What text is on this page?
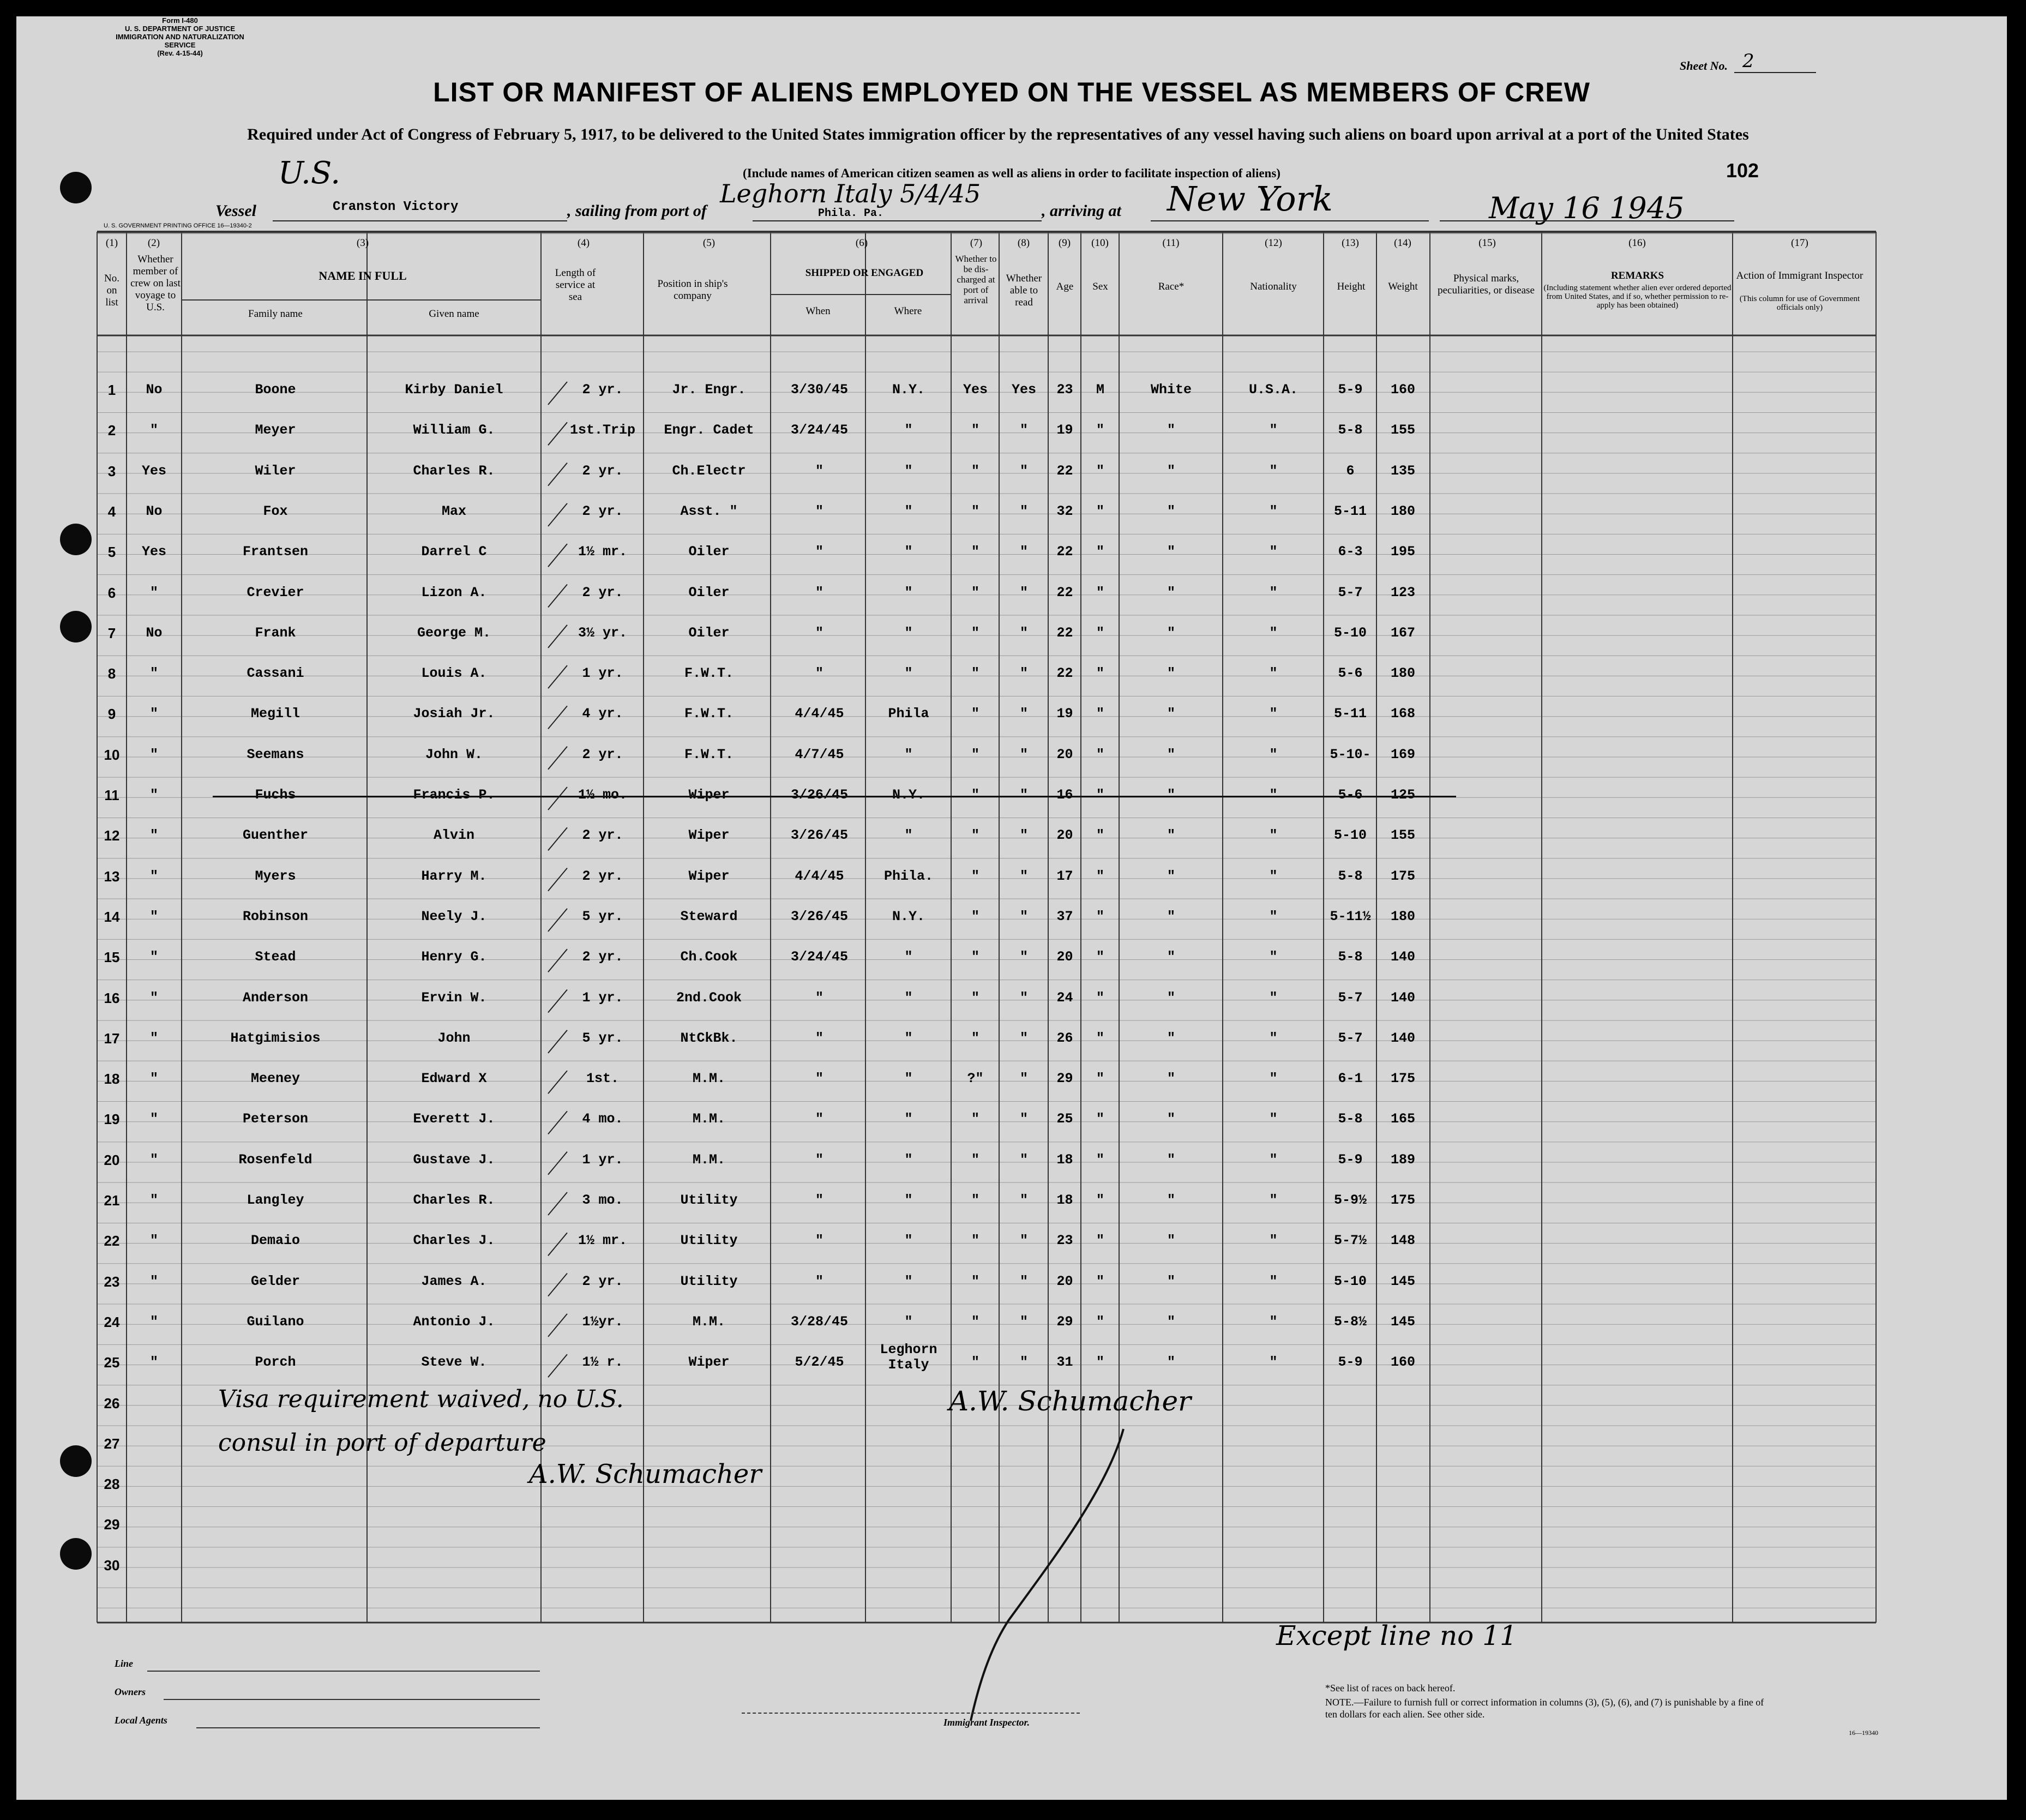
Form I-480
U. S. DEPARTMENT OF JUSTICE
IMMIGRATION AND NATURALIZATION SERVICE
(Rev. 4-15-44)
Sheet No. 2
LIST OR MANIFEST OF ALIENS EMPLOYED ON THE VESSEL AS MEMBERS OF CREW
Required under Act of Congress of February 5, 1917, to be delivered to the United States immigration officer by the representatives of any vessel having such aliens on board upon arrival at a port of the United States
(Include names of American citizen seamen as well as aliens in order to facilitate inspection of aliens)
U.S.	102
Vessel	Cranston Victory	, sailing from port of	Phila. Pa.
Leghorn Italy 5/4/45
, arriving at New York	May 16 1945
U. S. GOVERNMENT PRINTING OFFICE 16—19340-2
(1)	(2)	(3)	(4)	(5)	(6)	(7)	(8)	(9)	(10)	(11)	(12)	(13)	(14)	(15)	(16)	(17)
No. on list
Whether member of crew on last voyage to U.S.
NAME IN FULL
Family name	Given name
Length of service at sea
Position in ship's company
SHIPPED OR ENGAGED
When	Where
Whether to be dis-charged at port of arrival
Whether able to read
Age	Sex	Race*	Nationality	Height	Weight
Physical marks, peculiarities, or disease
REMARKS
(Including statement whether alien ever ordered deported from United States, and if so, whether permission to re-apply has been obtained)
Action of Immigrant Inspector
(This column for use of Government officials only)
1	No	Boone	Kirby Daniel	2 yr.	Jr. Engr.	3/30/45	N.Y.	Yes	Yes	23	M	White	U.S.A.	5-9	160
2	"	Meyer	William G.	1st.Trip	Engr. Cadet	3/24/45	"	"	"	19	"	"	"	5-8	155
3	Yes	Wiler	Charles R.	2 yr.	Ch.Electr	"	"	"	"	22	"	"	"	6	135
4	No	Fox	Max	2 yr.	Asst. "	"	"	"	"	32	"	"	"	5-11	180
5	Yes	Frantsen	Darrel C	1½ mr.	Oiler	"	"	"	"	22	"	"	"	6-3	195
6	"	Crevier	Lizon A.	2 yr.	Oiler	"	"	"	"	22	"	"	"	5-7	123
7	No	Frank	George M.	3½ yr.	Oiler	"	"	"	"	22	"	"	"	5-10	167
8	"	Cassani	Louis A.	1 yr.	F.W.T.	"	"	"	"	22	"	"	"	5-6	180
9	"	Megill	Josiah Jr.	4 yr.	F.W.T.	4/4/45	Phila	"	"	19	"	"	"	5-11	168
10	"	Seemans	John W.	2 yr.	F.W.T.	4/7/45	"	"	"	20	"	"	"	5-10-	169
11	"	Fuchs	Francis P.	1½ mo.	Wiper	3/26/45	N.Y.	"	"	16	"	"	"	5-6	125
12	"	Guenther	Alvin	2 yr.	Wiper	3/26/45	"	"	"	20	"	"	"	5-10	155
13	"	Myers	Harry M.	2 yr.	Wiper	4/4/45	Phila.	"	"	17	"	"	"	5-8	175
14	"	Robinson	Neely J.	5 yr.	Steward	3/26/45	N.Y.	"	"	37	"	"	"	5-11½	180
15	"	Stead	Henry G.	2 yr.	Ch.Cook	3/24/45	"	"	"	20	"	"	"	5-8	140
16	"	Anderson	Ervin W.	1 yr.	2nd.Cook	"	"	"	"	24	"	"	"	5-7	140
17	"	Hatgimisios	John	5 yr.	NtCkBk.	"	"	"	"	26	"	"	"	5-7	140
18	"	Meeney	Edward X	1st.	M.M.	"	"	?"	"	29	"	"	"	6-1	175
19	"	Peterson	Everett J.	4 mo.	M.M.	"	"	"	"	25	"	"	"	5-8	165
20	"	Rosenfeld	Gustave J.	1 yr.	M.M.	"	"	"	"	18	"	"	"	5-9	189
21	"	Langley	Charles R.	3 mo.	Utility	"	"	"	"	18	"	"	"	5-9½	175
22	"	Demaio	Charles J.	1½ mr.	Utility	"	"	"	"	23	"	"	"	5-7½	148
23	"	Gelder	James A.	2 yr.	Utility	"	"	"	"	20	"	"	"	5-10	145
24	"	Guilano	Antonio J.	1½yr.	M.M.	3/28/45	"	"	"	29	"	"	"	5-8½	145
25	"	Porch	Steve W.	1½ r.	Wiper	5/2/45
Leghorn Italy	"	"	31	"	"	"	5-9	160
26
27
28
29
30
Visa requirement waived, no U.S.
consul in port of departure
A.W. Schumacher
A.W. Schumacher
Except line no 11
Line
Owners
Local Agents	Immigrant Inspector.
*See list of races on back hereof.
NOTE.—Failure to furnish full or correct information in columns (3), (5), (6), and (7) is punishable by a fine of ten dollars for each alien. See other side.
16—19340
